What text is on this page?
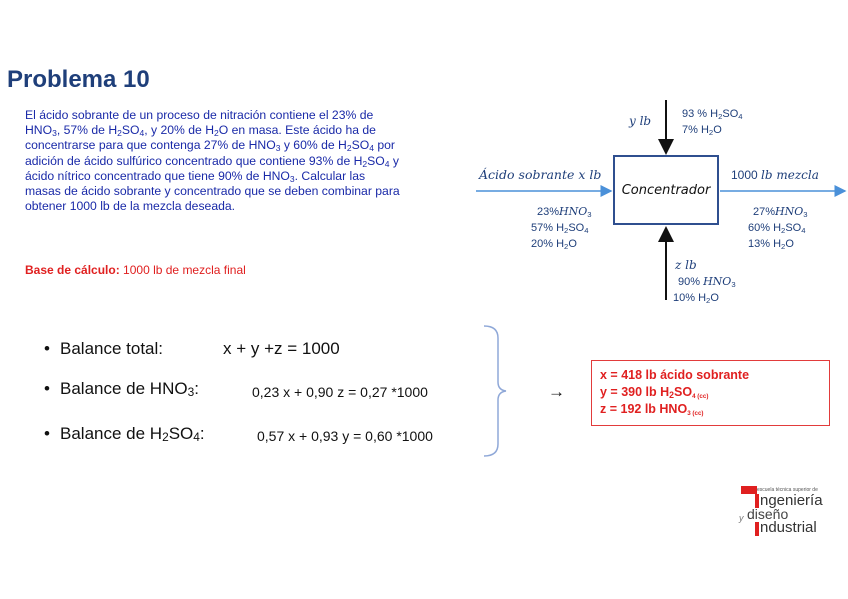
Problema 10

El ácido sobrante de un proceso de nitración contiene el 23% de

$HNO_3$, 57% de $H_2SO_4$, y 20% de $H_2O$ en masa. Este ácido ha de

concentrarse para que contenga 27% de $HNO_3$ y 60% de $H_2SO_4$ por

adición de ácido sulfúrico concentrado que contiene 93% de $H_2SO_4$ y

ácido nítrico concentrado que tiene 90% de $HNO_3$. Calcular las

masas de ácido sobrante y concentrado que se deben combinar para

obtener 1000 lb de la mezcla deseada.

Base de cálculo: 1000 lb de mezcla final
• Balance total:	x + y +z = 1000
• Balance de $HNO_3$:	0,23 x + 0,90 z = 0,27 *1000
• Balance de $H_2SO_4$:	0,57 x + 0,93 y = 0,60 *1000
→
x = 418 lb ácido sobrante
y = 390 lb $H_2SO_{4 (cc)}$
z = 192 lb $HNO_{3 (cc)}$
Concentrador
y lb	93 % $H_2SO_4$
7% $H_2O$
Ácido sobrante x lb
$23\%HNO_3$
57% $H_2SO_4$
20% $H_2O$
1000 lb mezcla
$27\%HNO_3$
60% $H_2SO_4$
13% $H_2O$
z lb
90% $HNO_3$
10% $H_2O$
escuela técnica superior de
ngeniería
y diseño
ndustrial
